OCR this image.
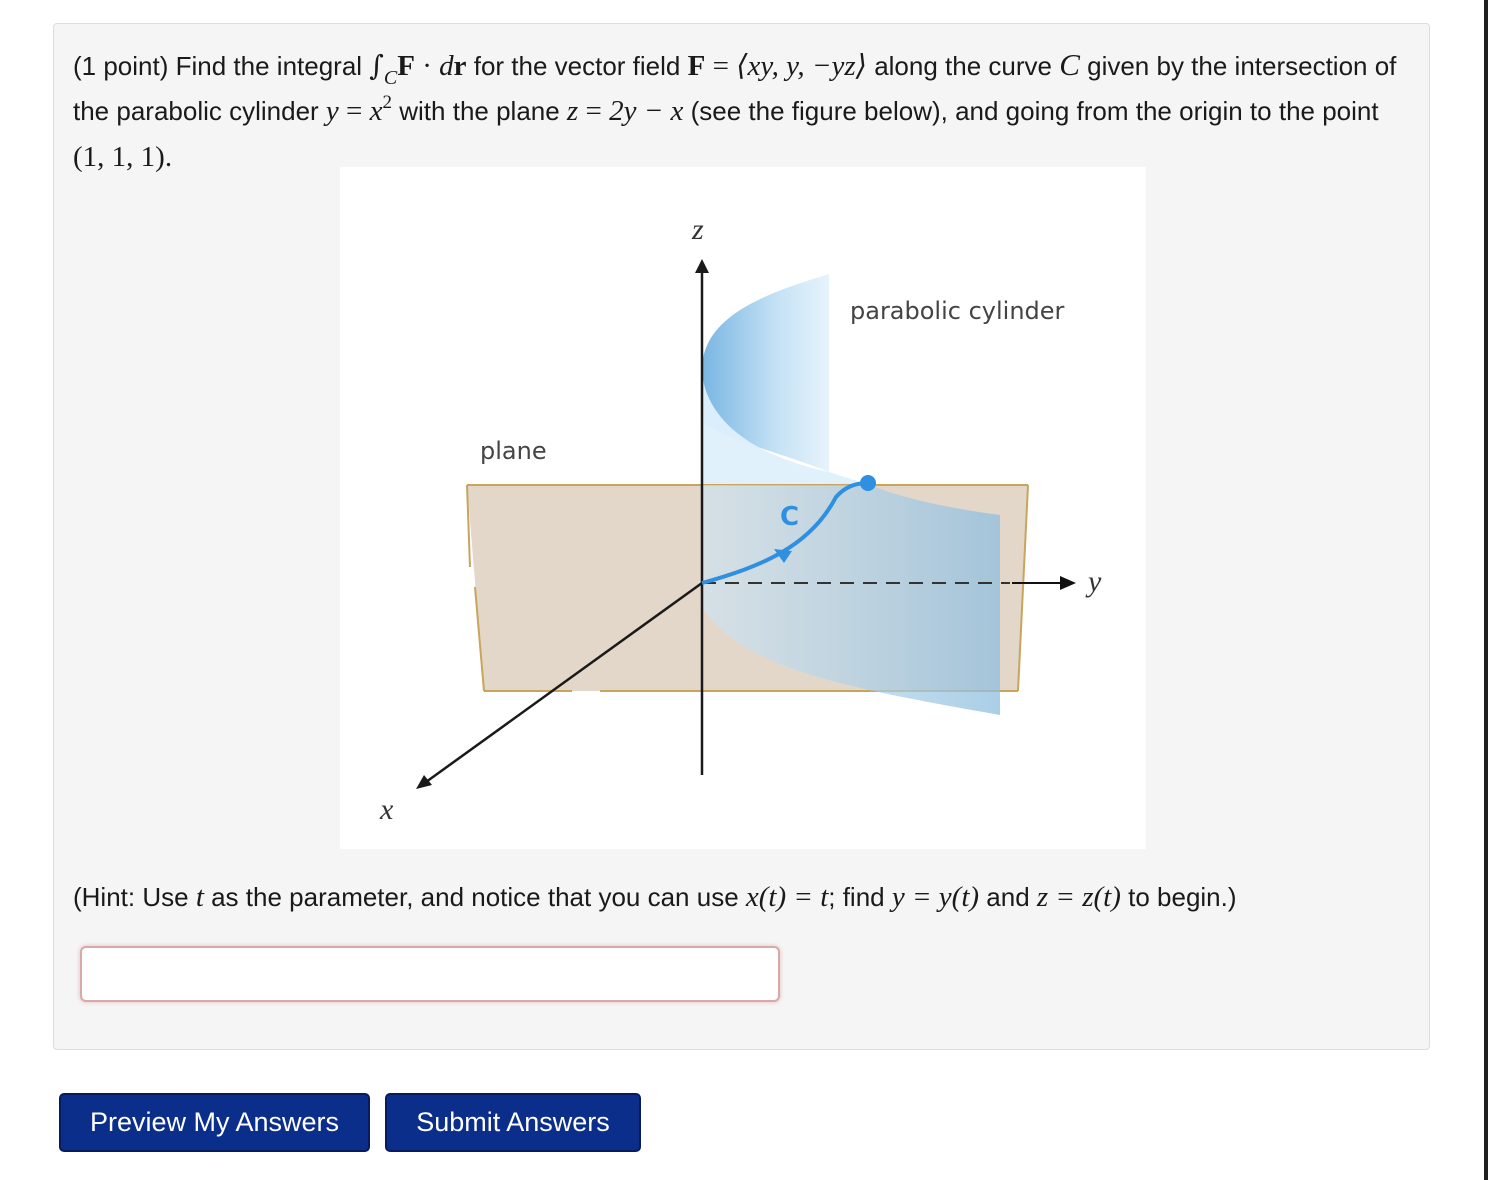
(1 point) Find the integral $\int_CF$ · dr for the vector field F = ⟨xy, y, −yz⟩ along the curve C given by the intersection of the parabolic cylinder $y = x^2$ with the plane z = 2y − x (see the figure below), and going from the origin to the point (1, 1, 1).
z
y
x
plane
parabolic cylinder
C
(Hint: Use t as the parameter, and notice that you can use x(t) = t; find y = y(t) and z = z(t) to begin.)
Preview My Answers	Submit Answers
